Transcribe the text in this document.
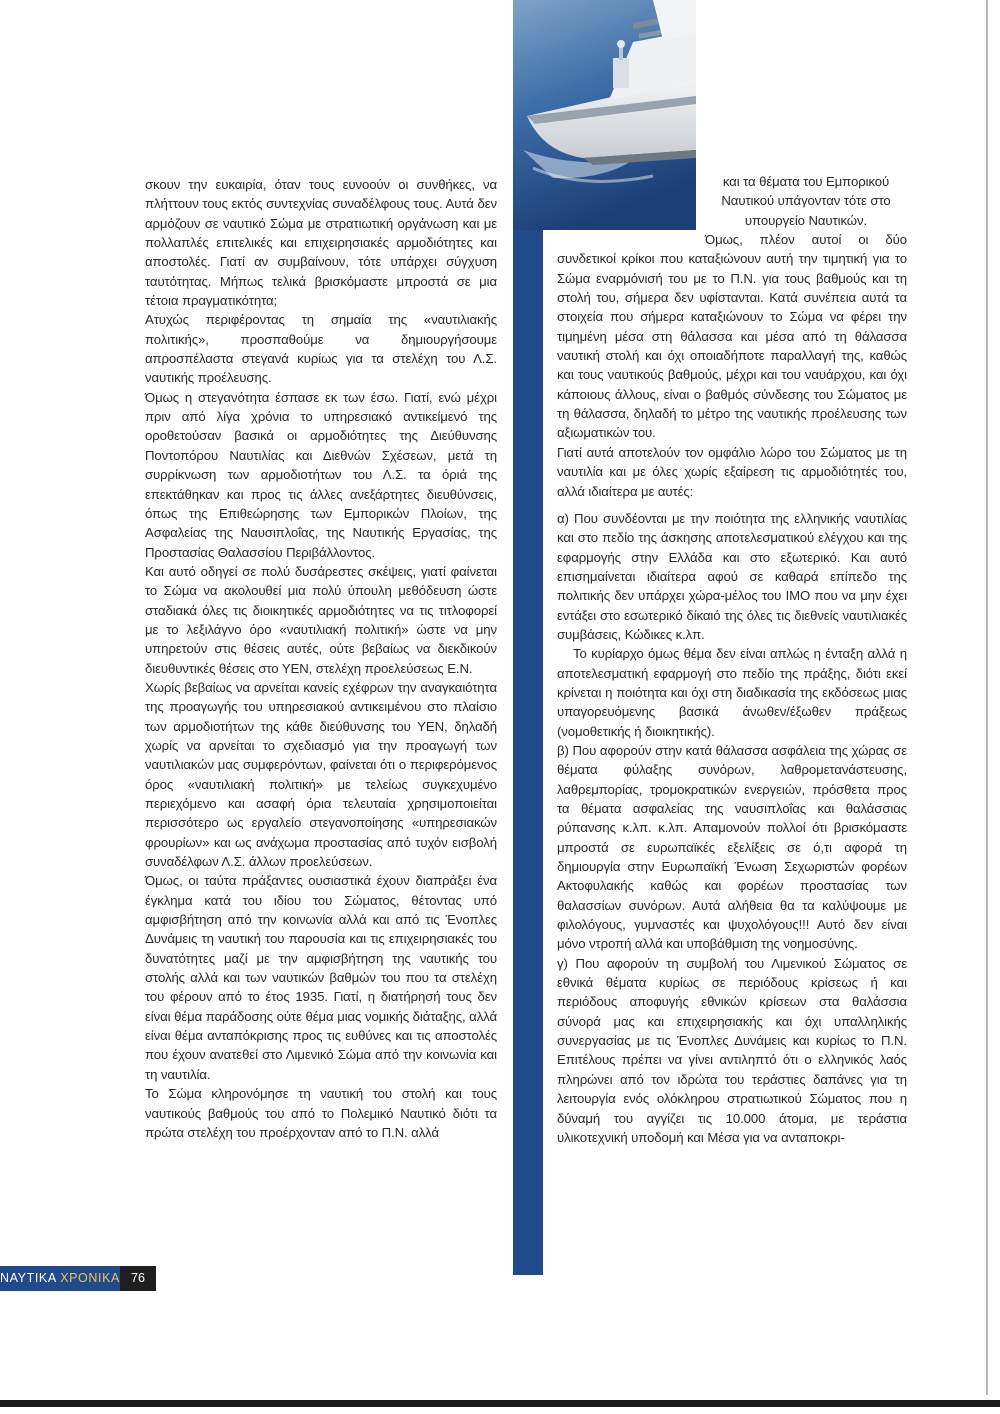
σκουν την ευκαιρία, όταν τους ευνοούν οι συνθήκες, να πλήττουν τους εκτός συντεχνίας συναδέλφους τους. Αυτά δεν αρμόζουν σε ναυτικό Σώμα με στρατιωτική οργάνωση και με πολλαπλές επιτελικές και επιχειρησιακές αρμοδιότητες και αποστολές. Γιατί αν συμβαίνουν, τότε υπάρχει σύγχυση ταυτότητας. Μήπως τελικά βρισκόμαστε μπροστά σε μια τέτοια πραγματικότητα;

Ατυχώς περιφέροντας τη σημαία της «ναυτιλιακής πολιτικής», προσπαθούμε να δημιουργήσουμε απροσπέλαστα στεγανά κυρίως για τα στελέχη του Λ.Σ. ναυτικής προέλευσης.

Όμως η στεγανότητα έσπασε εκ των έσω. Γιατί, ενώ μέχρι πριν από λίγα χρόνια το υπηρεσιακό αντικείμενό της οροθετούσαν βασικά οι αρμοδιότητες της Διεύθυνσης Ποντοπόρου Ναυτιλίας και Διεθνών Σχέσεων, μετά τη συρρίκνωση των αρμοδιοτήτων του Λ.Σ. τα όριά της επεκτάθηκαν και προς τις άλλες ανεξάρτητες διευθύνσεις, όπως της Επιθεώρησης των Εμπορικών Πλοίων, της Ασφαλείας της Ναυσιπλοΐας, της Ναυτικής Εργασίας, της Προστασίας Θαλασσίου Περιβάλλοντος.

Και αυτό οδηγεί σε πολύ δυσάρεστες σκέψεις, γιατί φαίνεται το Σώμα να ακολουθεί μια πολύ ύπουλη μεθόδευση ώστε σταδιακά όλες τις διοικητικές αρμοδιότητες να τις τιτλοφορεί με το λεξιλάγνο όρο «ναυτιλιακή πολιτική» ώστε να μην υπηρετούν στις θέσεις αυτές, ούτε βεβαίως να διεκδικούν διευθυντικές θέσεις στο ΥΕΝ, στελέχη προελεύσεως Ε.Ν.

Χωρίς βεβαίως να αρνείται κανείς εχέφρων την αναγκαιότητα της προαγωγής του υπηρεσιακού αντικειμένου στο πλαίσιο των αρμοδιοτήτων της κάθε διεύθυνσης του ΥΕΝ, δηλαδή χωρίς να αρνείται το σχεδιασμό για την προαγωγή των ναυτιλιακών μας συμφερόντων, φαίνεται ότι ο περιφερόμενος όρος «ναυτιλιακή πολιτική» με τελείως συγκεχυμένο περιεχόμενο και ασαφή όρια τελευταία χρησιμοποιείται περισσότερο ως εργαλείο στεγανοποίησης «υπηρεσιακών φρουρίων» και ως ανάχωμα προστασίας από τυχόν εισβολή συναδέλφων Λ.Σ. άλλων προελεύσεων.

Όμως, οι ταύτα πράξαντες ουσιαστικά έχουν διαπράξει ένα έγκλημα κατά του ιδίου του Σώματος, θέτοντας υπό αμφισβήτηση από την κοινωνία αλλά και από τις Ένοπλες Δυνάμεις τη ναυτική του παρουσία και τις επιχειρησιακές του δυνατότητες μαζί με την αμφισβήτηση της ναυτικής του στολής αλλά και των ναυτικών βαθμών του που τα στελέχη του φέρουν από το έτος 1935. Γιατί, η διατήρησή τους δεν είναι θέμα παράδοσης ούτε θέμα μιας νομικής διάταξης, αλλά είναι θέμα ανταπόκρισης προς τις ευθύνες και τις αποστολές που έχουν ανατεθεί στο Λιμενικό Σώμα από την κοινωνία και τη ναυτιλία.

Το Σώμα κληρονόμησε τη ναυτική του στολή και τους ναυτικούς βαθμούς του από το Πολεμικό Ναυτικό διότι τα πρώτα στελέχη του προέρχονταν από το Π.Ν. αλλά

και τα θέματα του Εμπορικού
Ναυτικού υπάγονταν τότε στο
υπουργείο Ναυτικών.

Όμως, πλέον αυτοί οι δύο συνδετικοί κρίκοι που καταξιώνουν αυτή την τιμητική για το Σώμα εναρμόνισή του με το Π.Ν. για τους βαθμούς και τη στολή του, σήμερα δεν υφίστανται. Κατά συνέπεια αυτά τα στοιχεία που σήμερα καταξιώνουν το Σώμα να φέρει την τιμημένη μέσα στη θάλασσα και μέσα από τη θάλασσα ναυτική στολή και όχι οποιαδήποτε παραλλαγή της, καθώς και τους ναυτικούς βαθμούς, μέχρι και του ναυάρχου, και όχι κάποιους άλλους, είναι ο βαθμός σύνδεσης του Σώματος με τη θάλασσα, δηλαδή το μέτρο της ναυτικής προέλευσης των αξιωματικών του.

Γιατί αυτά αποτελούν τον ομφάλιο λώρο του Σώματος με τη ναυτιλία και με όλες χωρίς εξαίρεση τις αρμοδιότητές του, αλλά ιδιαίτερα με αυτές:

α) Που συνδέονται με την ποιότητα της ελληνικής ναυτιλίας και στο πεδίο της άσκησης αποτελεσματικού ελέγχου και της εφαρμογής στην Ελλάδα και στο εξωτερικό. Και αυτό επισημαίνεται ιδιαίτερα αφού σε καθαρά επίπεδο της πολιτικής δεν υπάρχει χώρα-μέλος του ΙΜΟ που να μην έχει εντάξει στο εσωτερικό δίκαιό της όλες τις διεθνείς ναυτιλιακές συμβάσεις, Κώδικες κ.λπ.

Το κυρίαρχο όμως θέμα δεν είναι απλώς η ένταξη αλλά η αποτελεσματική εφαρμογή στο πεδίο της πράξης, διότι εκεί κρίνεται η ποιότητα και όχι στη διαδικασία της εκδόσεως μιας υπαγορευόμενης βασικά άνωθεν/έξωθεν πράξεως (νομοθετικής ή διοικητικής).

β) Που αφορούν στην κατά θάλασσα ασφάλεια της χώρας σε θέματα φύλαξης συνόρων, λαθρομετανάστευσης, λαθρεμπορίας, τρομοκρατικών ενεργειών, πρόσθετα προς τα θέματα ασφαλείας της ναυσιπλοΐας και θαλάσσιας ρύπανσης κ.λπ. κ.λπ. Απαμονούν πολλοί ότι βρισκόμαστε μπροστά σε ευρωπαϊκές εξελίξεις σε ό,τι αφορά τη δημιουργία στην Ευρωπαϊκή Ένωση Σεχωριστών φορέων Ακτοφυλακής καθώς και φορέων προστασίας των θαλασσίων συνόρων. Αυτά αλήθεια θα τα καλύψουμε με φιλολόγους, γυμναστές και ψυχολόγους!!! Αυτό δεν είναι μόνο ντροπή αλλά και υποβάθμιση της νοημοσύνης.

γ) Που αφορούν τη συμβολή του Λιμενικού Σώματος σε εθνικά θέματα κυρίως σε περιόδους κρίσεως ή και περιόδους αποφυγής εθνικών κρίσεων στα θαλάσσια σύνορά μας και επιχειρησιακής και όχι υπαλληλικής συνεργασίας με τις Ένοπλες Δυνάμεις και κυρίως το Π.Ν. Επιτέλους πρέπει να γίνει αντιληπτό ότι ο ελληνικός λαός πληρώνει από τον ιδρώτα του τεράστιες δαπάνες για τη λειτουργία ενός ολόκληρου στρατιωτικού Σώματος που η δύναμή του αγγίζει τις 10.000 άτομα, με τεράστια υλικοτεχνική υποδομή και Μέσα για να ανταποκρι-

ΝΑΥΤΙΚΑ ΧΡΟΝΙΚΑ 76
